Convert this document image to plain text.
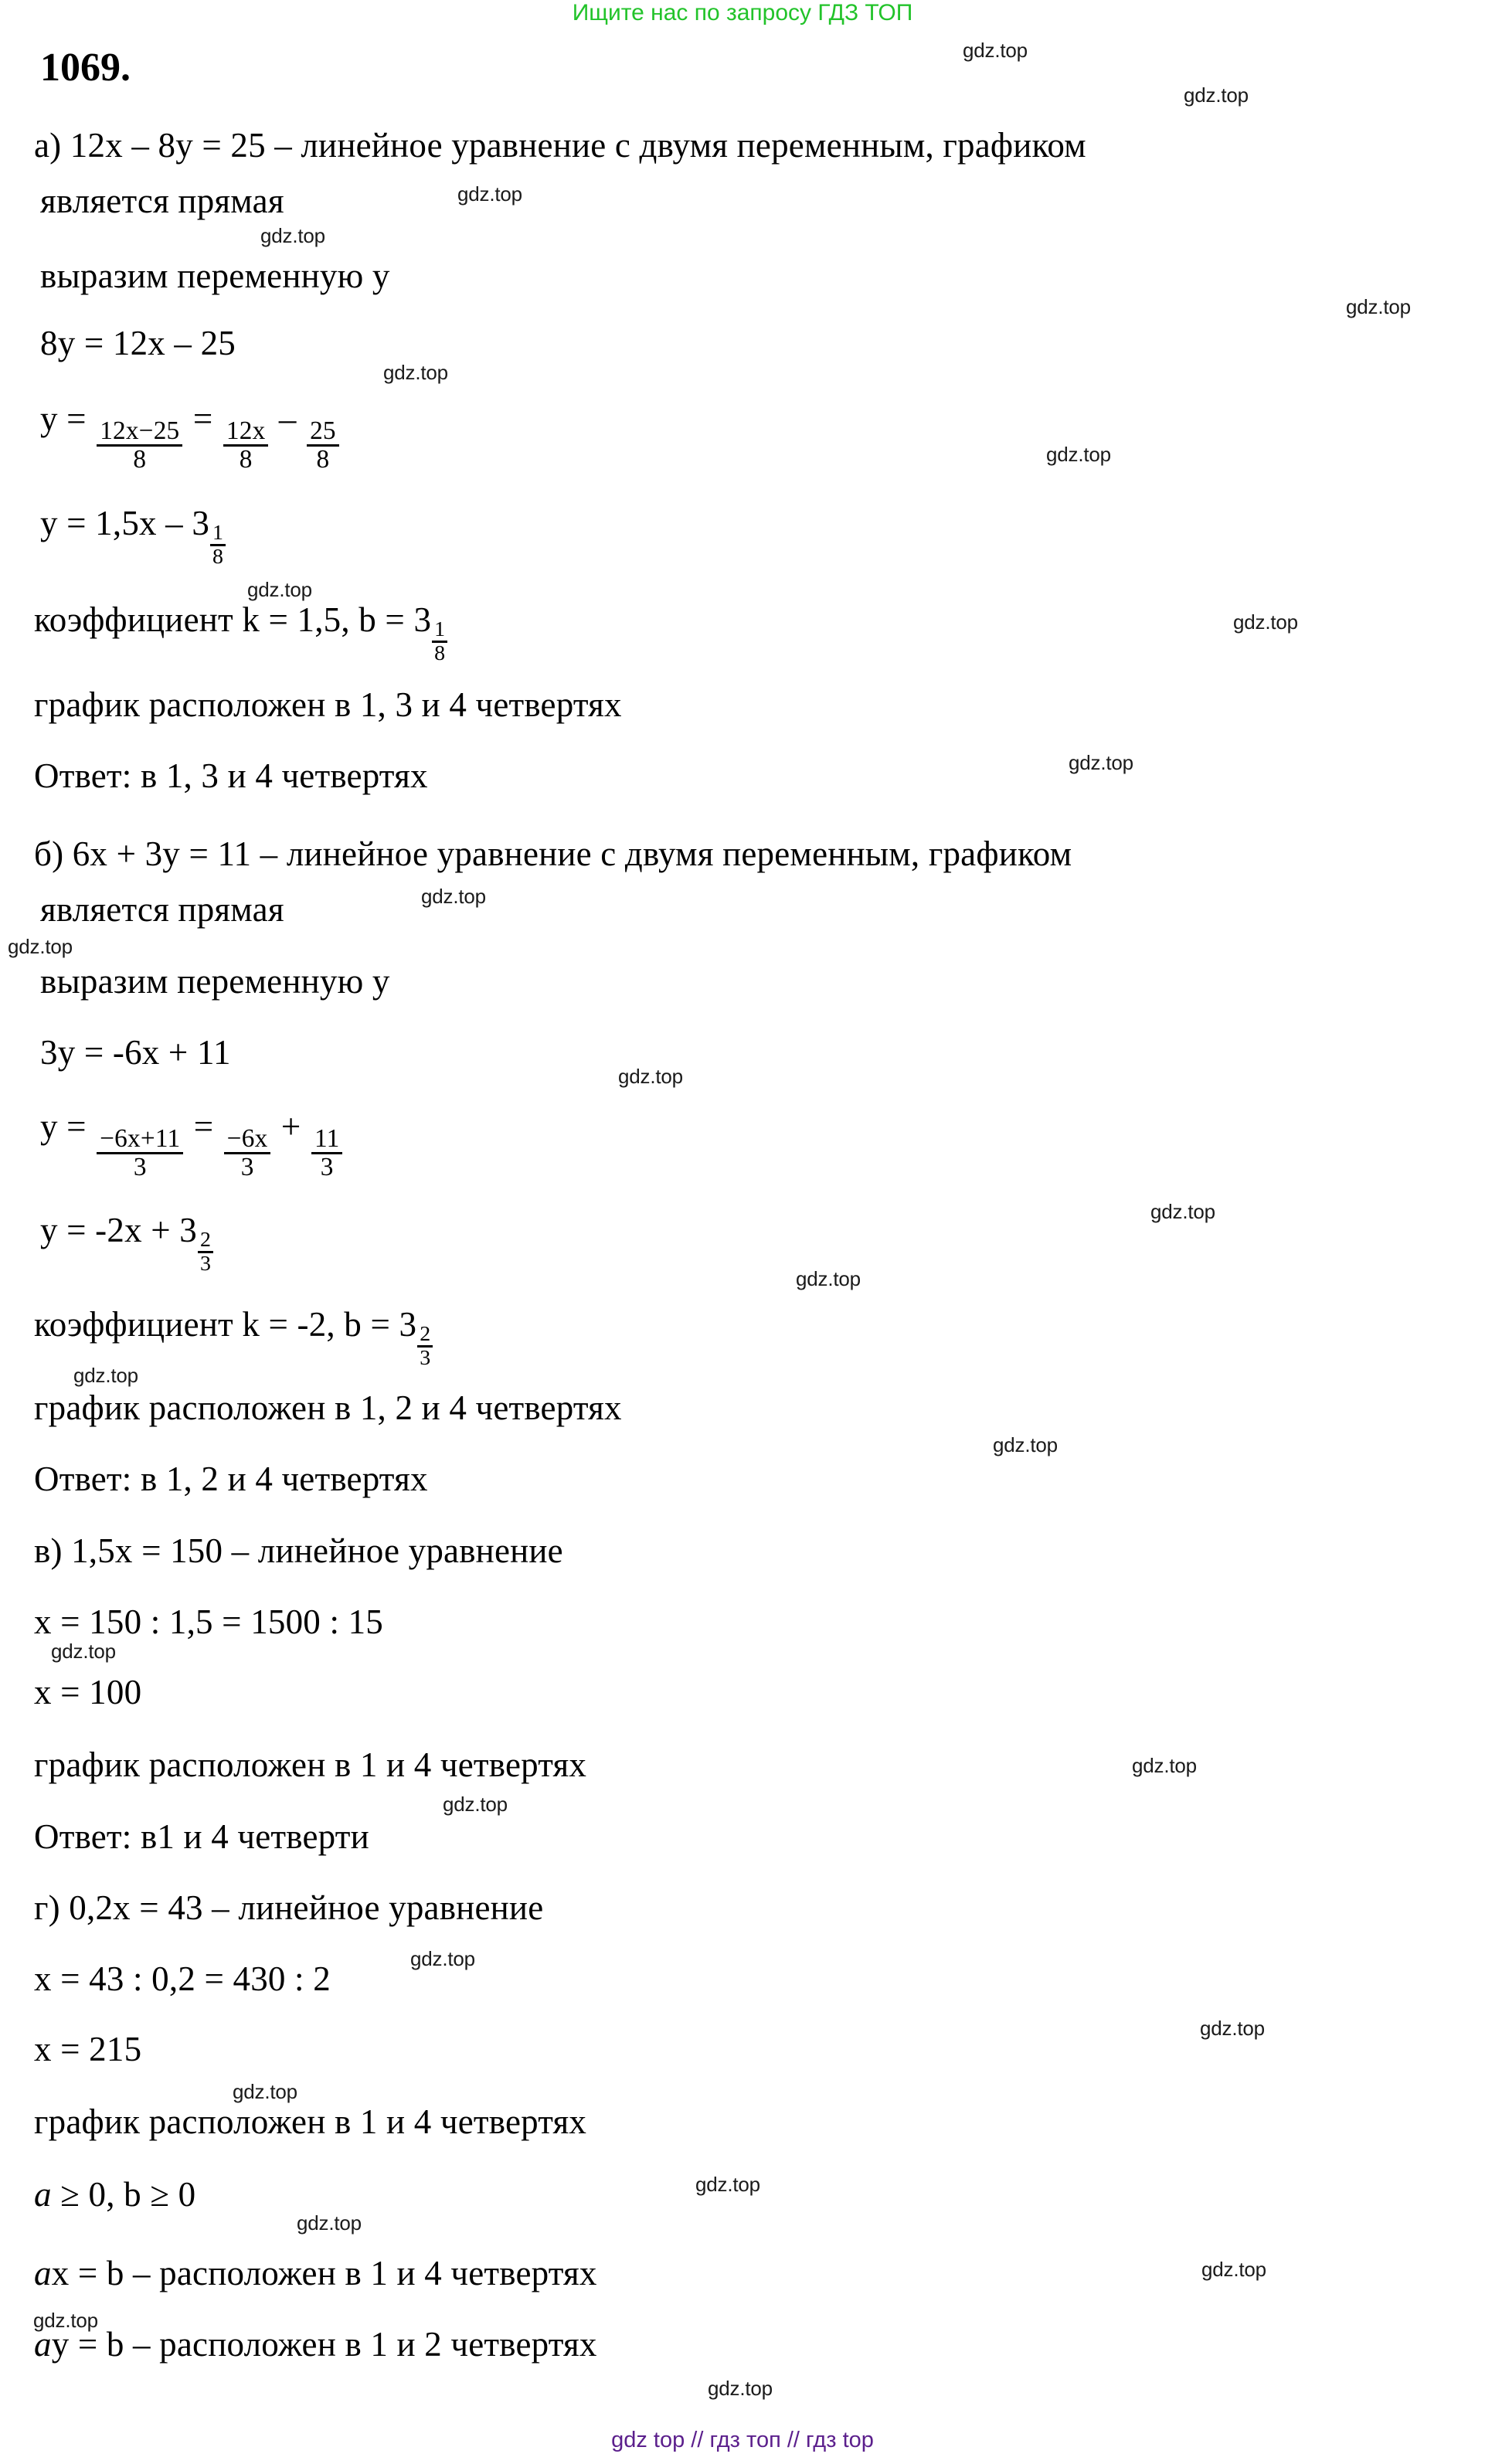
Ищите нас по запросу ГДЗ ТОП
1069.
а) 12x – 8y = 25 – линейное уравнение с двумя переменным, графиком
является прямая
выразим переменную y
8y = 12x – 25
$y = \frac{12x-25}{8} = \frac{12x}{8} - \frac{25}{8}$
$y = 1,5x - 3 \frac{1}{8}$
коэффициент k = 1,5, $b = 3 \frac{1}{8}$
график расположен в 1, 3 и 4 четвертях
Ответ: в 1, 3 и 4 четвертях
б) 6x + 3y = 11 – линейное уравнение с двумя переменным, графиком
является прямая
выразим переменную y
3y = -6x + 11
$y = \frac{-6x+11}{3} = \frac{-6x}{3} + \frac{11}{3}$
$y = -2x + 3 \frac{2}{3}$
коэффициент k = -2, $b = 3 \frac{2}{3}$
график расположен в 1, 2 и 4 четвертях
Ответ: в 1, 2 и 4 четвертях
в) 1,5x = 150 – линейное уравнение
x = 150 : 1,5 = 1500 : 15
x = 100
график расположен в 1 и 4 четвертях
Ответ: в1 и 4 четверти
г) 0,2x = 43 – линейное уравнение
x = 43 : 0,2 = 430 : 2
x = 215
график расположен в 1 и 4 четвертях
a ≥ 0, b ≥ 0
ax = b – расположен в 1 и 4 четвертях
ay = b – расположен в 1 и 2 четвертях
gdz.top
gdz.top
gdz.top
gdz.top
gdz.top
gdz.top
gdz.top
gdz.top
gdz.top
gdz.top
gdz.top
gdz.top
gdz.top
gdz.top
gdz.top
gdz.top
gdz.top
gdz.top
gdz.top
gdz.top
gdz.top
gdz.top
gdz.top
gdz.top
gdz.top
gdz.top
gdz.top
gdz.top
gdz top // гдз топ // гдз top
